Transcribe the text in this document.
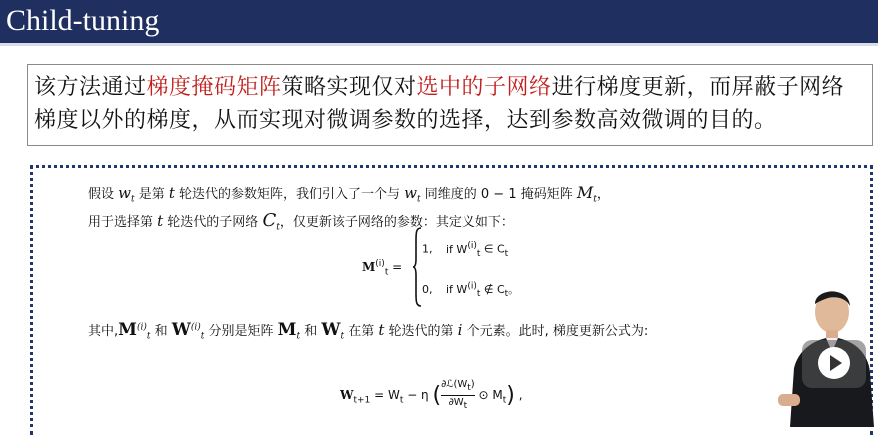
Child-tuning
该方法通过梯度掩码矩阵策略实现仅对选中的子网络进行梯度更新，而屏蔽子网络梯度以外的梯度，从而实现对微调参数的选择，达到参数高效微调的目的。
假设 $w_t$ 是第 t 轮迭代的参数矩阵，我们引入了一个与 $w_t$ 同维度的 0 − 1 掩码矩阵 $M_t$，
用于选择第 t 轮迭代的子网络 $C_t$，仅更新该子网络的参数：其定义如下：
$M^{(i)}_t$ =
1, if $W^{(i)}_t$ ∈ $C_t$
0, if $W^{(i)}_t$ ∉ $C_t$。
其中$,M^{(i)}_t$ 和 $W^{(i)}_t$ 分别是矩阵 $M_t$ 和 $W_t$ 在第 t 轮迭代的第 i 个元素。此时, 梯度更新公式为:
$W_{t+1} = W_t - \eta$ ( ∂ℒ(Wt)
∂Wt
⊙ $M_t$) ,
